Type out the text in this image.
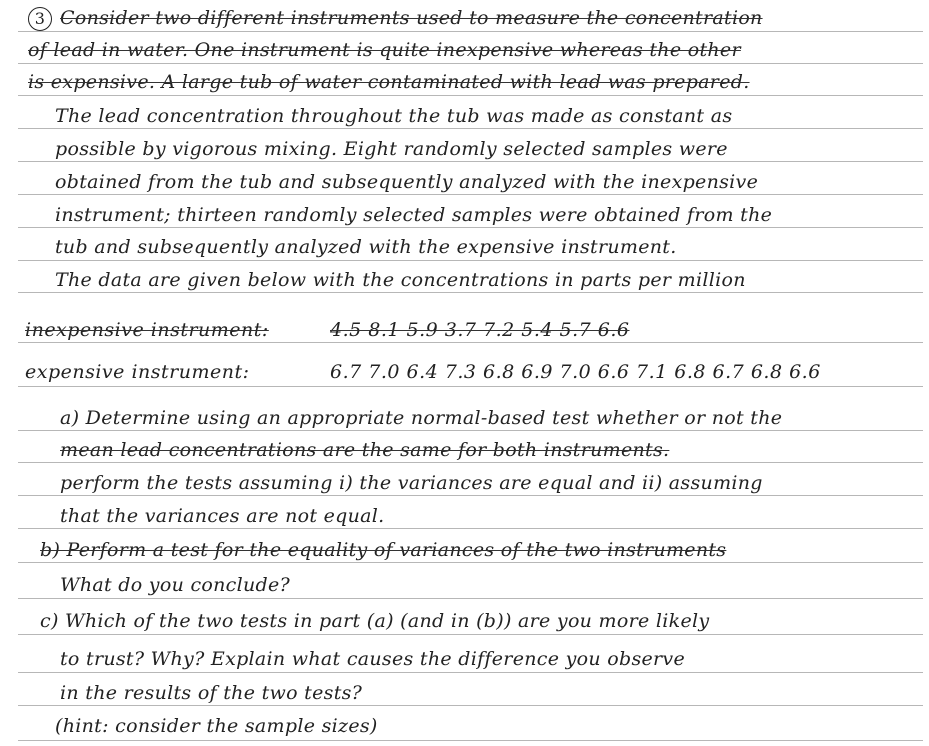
3 Consider two different instruments used to measure the concentration
of lead in water. One instrument is quite inexpensive whereas the other
is expensive. A large tub of water contaminated with lead was prepared.
The lead concentration throughout the tub was made as constant as
possible by vigorous mixing. Eight randomly selected samples were
obtained from the tub and subsequently analyzed with the inexpensive
instrument; thirteen randomly selected samples were obtained from the
tub and subsequently analyzed with the expensive instrument.
The data are given below with the concentrations in parts per million
inexpensive instrument:	4.5 8.1 5.9 3.7 7.2 5.4 5.7 6.6
expensive instrument:	6.7 7.0 6.4 7.3 6.8 6.9 7.0 6.6 7.1 6.8 6.7 6.8 6.6
a) Determine using an appropriate normal-based test whether or not the
mean lead concentrations are the same for both instruments.
perform the tests assuming i) the variances are equal and ii) assuming
that the variances are not equal.
b) Perform a test for the equality of variances of the two instruments
What do you conclude?
c) Which of the two tests in part (a) (and in (b)) are you more likely
to trust? Why? Explain what causes the difference you observe
in the results of the two tests?
(hint: consider the sample sizes)
